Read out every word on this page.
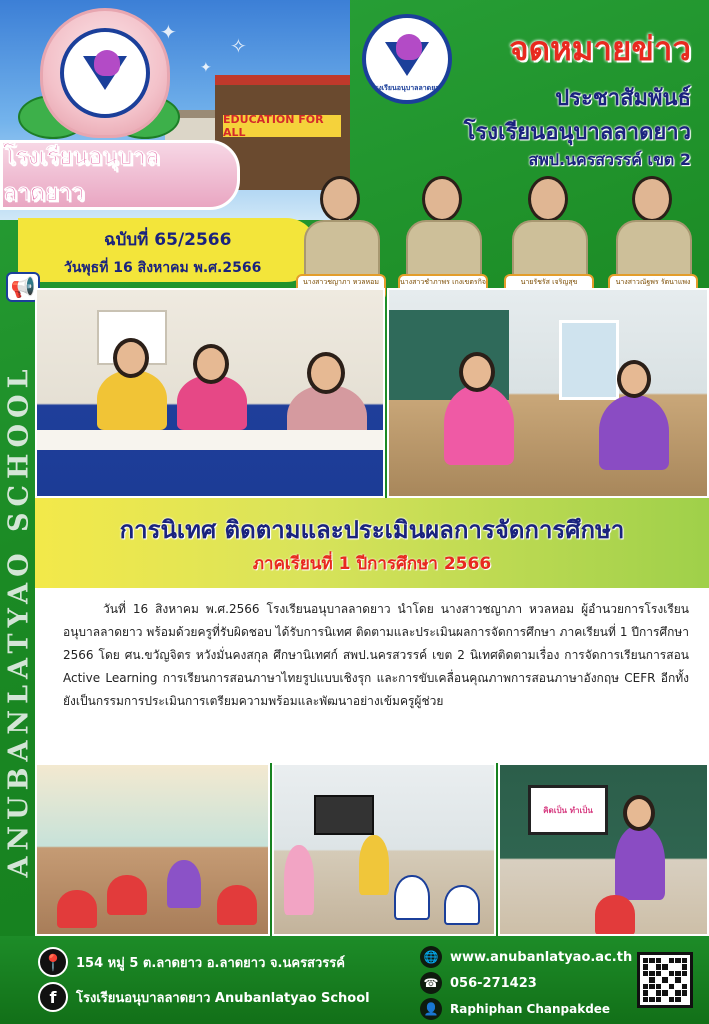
✦
✧
✦
EDUCATION FOR ALL
โรงเรียนอนุบาลลาดยาว
โรงเรียนอนุบาลลาดยาว
จดหมายข่าว
ประชาสัมพันธ์
โรงเรียนอนุบาลลาดยาว
สพป.นครสวรรค์ เขต 2
ฉบับที่ 65/2566
วันพุธที่ 16 สิงหาคม พ.ศ.2566
📢	นางสาวชญาภา หวลหอม	นางสาวชำภาพร เกงเขตรกิจ	นายรัชรัส เจริญสุข	นางสาวณัฐพร รัตนาแพง

การนิเทศ ติดตามและประเมินผลการจัดการศึกษา
ภาคเรียนที่ 1 ปีการศึกษา 2566

วันที่ 16 สิงหาคม พ.ศ.2566 โรงเรียนอนุบาลลาดยาว นำโดย นางสาวชญาภา หวลหอม ผู้อำนวยการโรงเรียนอนุบาลลาดยาว พร้อมด้วยครูที่รับผิดชอบ ได้รับการนิเทศ ติดตามและประเมินผลการจัดการศึกษา ภาคเรียนที่ 1 ปีการศึกษา 2566 โดย ศน.ขวัญจิตร หวังมั่นคงสกุล ศึกษานิเทศก์ สพป.นครสวรรค์ เขต 2 นิเทศติดตามเรื่อง การจัดการเรียนการสอน Active Learning การเรียนการสอนภาษาไทยรูปแบบเชิงรุก และการขับเคลื่อนคุณภาพการสอนภาษาอังกฤษ CEFR อีกทั้งยังเป็นกรรมการประเมินการเตรียมความพร้อมและพัฒนาอย่างเข้มครูผู้ช่วย

คิดเป็น ทำเป็น
ANUBANLATYAO SCHOOL
📍	154 หมู่ 5 ต.ลาดยาว อ.ลาดยาว จ.นครสวรรค์
f	โรงเรียนอนุบาลลาดยาว Anubanlatyao School
🌐 www.anubanlatyao.ac.th
☎ 056-271423
👤 Raphiphan Chanpakdee
